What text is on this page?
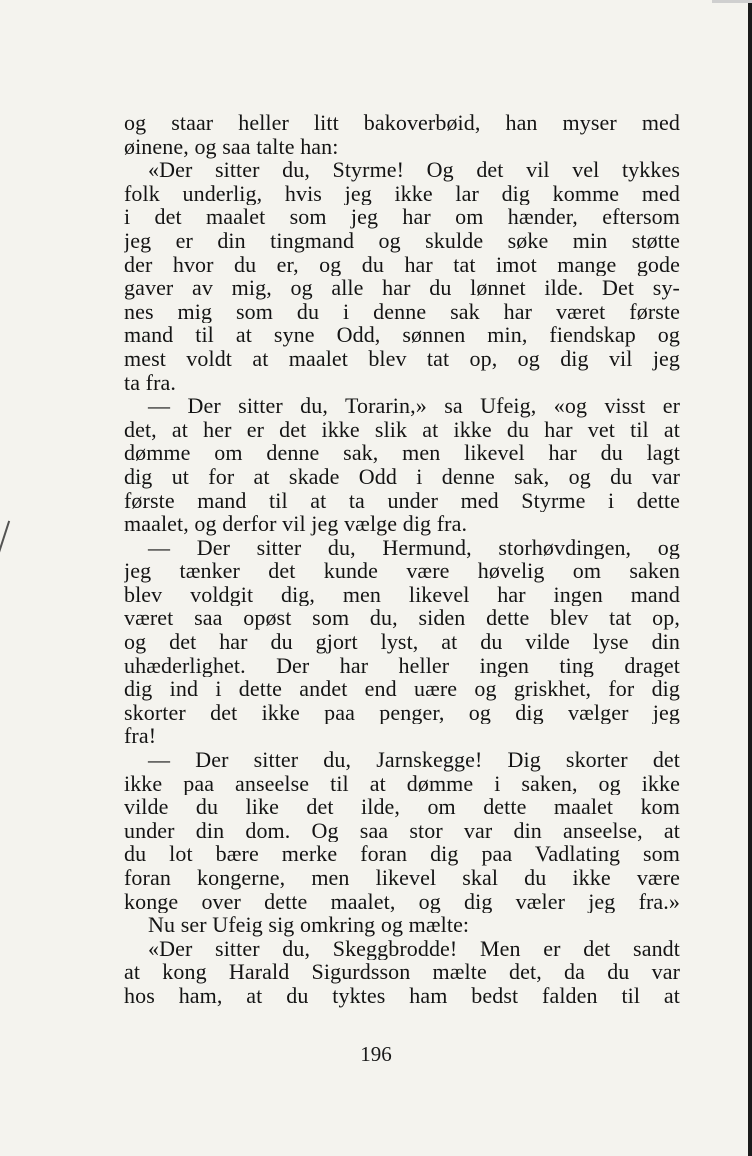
og staar heller litt bakoverbøid, han myser med
øinene, og saa talte han:
«Der sitter du, Styrme! Og det vil vel tykkes
folk underlig, hvis jeg ikke lar dig komme med
i det maalet som jeg har om hænder, eftersom
jeg er din tingmand og skulde søke min støtte
der hvor du er, og du har tat imot mange gode
gaver av mig, og alle har du lønnet ilde. Det sy-
nes mig som du i denne sak har været første
mand til at syne Odd, sønnen min, fiendskap og
mest voldt at maalet blev tat op, og dig vil jeg
ta fra.
— Der sitter du, Torarin,» sa Ufeig, «og visst er
det, at her er det ikke slik at ikke du har vet til at
dømme om denne sak, men likevel har du lagt
dig ut for at skade Odd i denne sak, og du var
første mand til at ta under med Styrme i dette
maalet, og derfor vil jeg vælge dig fra.
— Der sitter du, Hermund, storhøvdingen, og
jeg tænker det kunde være høvelig om saken
blev voldgit dig, men likevel har ingen mand
været saa opøst som du, siden dette blev tat op,
og det har du gjort lyst, at du vilde lyse din
uhæderlighet. Der har heller ingen ting draget
dig ind i dette andet end uære og griskhet, for dig
skorter det ikke paa penger, og dig vælger jeg
fra!
— Der sitter du, Jarnskegge! Dig skorter det
ikke paa anseelse til at dømme i saken, og ikke
vilde du like det ilde, om dette maalet kom
under din dom. Og saa stor var din anseelse, at
du lot bære merke foran dig paa Vadlating som
foran kongerne, men likevel skal du ikke være
konge over dette maalet, og dig væler jeg fra.»
Nu ser Ufeig sig omkring og mælte:
«Der sitter du, Skeggbrodde! Men er det sandt
at kong Harald Sigurdsson mælte det, da du var
hos ham, at du tyktes ham bedst falden til at
196
